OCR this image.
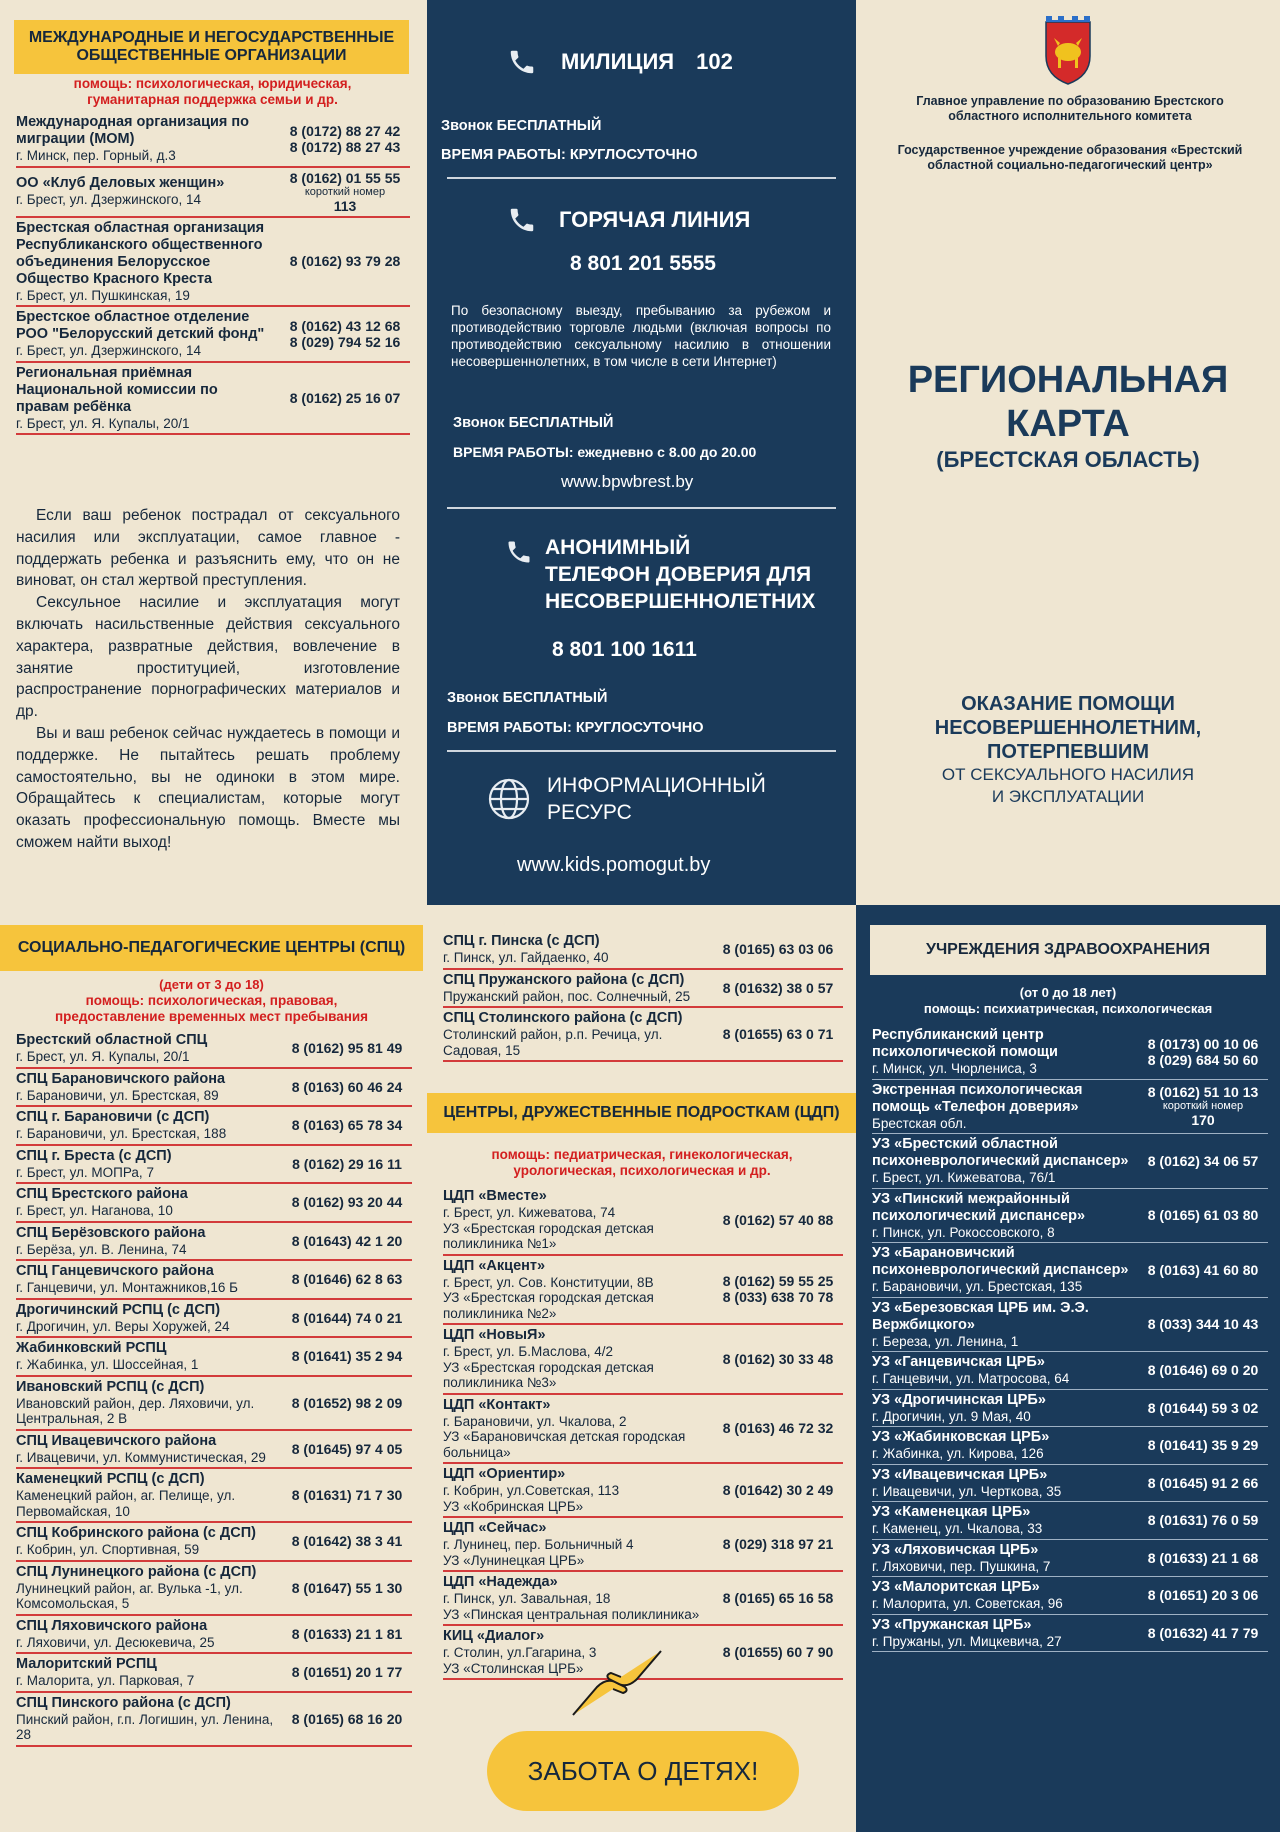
МЕЖДУНАРОДНЫЕ И НЕГОСУДАРСТВЕННЫЕ ОБЩЕСТВЕННЫЕ ОРГАНИЗАЦИИ
помощь: психологическая, юридическая, гуманитарная поддержка семьи и др.
Международная организация по миграции (МОМ)
г. Минск, пер. Горный, д.3
8 (0172) 88 27 42
8 (0172) 88 27 43
ОО «Клуб Деловых женщин»
г. Брест, ул. Дзержинского, 14
8 (0162) 01 55 55
короткий номер
113
Брестская областная организация Республиканского общественного объединения Белорусское Общество Красного Креста
г. Брест, ул. Пушкинская, 19
8 (0162) 93 79 28
Брестское областное отделение РОО "Белорусский детский фонд"
г. Брест, ул. Дзержинского, 14
8 (0162) 43 12 68
8 (029) 794 52 16
Региональная приёмная Национальной комиссии по правам ребёнка
г. Брест, ул. Я. Купалы, 20/1
8 (0162) 25 16 07

Если ваш ребенок пострадал от сексуального насилия или эксплуатации, самое главное - поддержать ребенка и разъяснить ему, что он не виноват, он стал жертвой преступления.

Сексульное насилие и эксплуатация могут включать насильственные действия сексуального характера, развратные действия, вовлечение в занятие проституцией, изготовление распространение порнографических материалов и др.

Вы и ваш ребенок сейчас нуждаетесь в помощи и поддержке. Не пытайтесь решать проблему самостоятельно, вы не одиноки в этом мире. Обращайтесь к специалистам, которые могут оказать профессиональную помощь. Вместе мы сможем найти выход!

МИЛИЦИЯ 102
Звонок БЕСПЛАТНЫЙ
ВРЕМЯ РАБОТЫ: КРУГЛОСУТОЧНО
ГОРЯЧАЯ ЛИНИЯ
8 801 201 5555
По безопасному выезду, пребыванию за рубежом и противодействию торговле людьми (включая вопросы по противодействию сексуальному насилию в отношении несовершеннолетних, в том числе в сети Интернет)
Звонок БЕСПЛАТНЫЙ
ВРЕМЯ РАБОТЫ: ежедневно с 8.00 до 20.00
www.bpwbrest.by
АНОНИМНЫЙ
ТЕЛЕФОН ДОВЕРИЯ ДЛЯ
НЕСОВЕРШЕННОЛЕТНИХ
8 801 100 1611
Звонок БЕСПЛАТНЫЙ
ВРЕМЯ РАБОТЫ: КРУГЛОСУТОЧНО
ИНФОРМАЦИОННЫЙ
РЕСУРС
www.kids.pomogut.by
Главное управление по образованию Брестского областного исполнительного комитета
Государственное учреждение образования «Брестский областной социально-педагогический центр»
РЕГИОНАЛЬНАЯ
КАРТА
(БРЕСТСКАЯ ОБЛАСТЬ)
ОКАЗАНИЕ ПОМОЩИ
НЕСОВЕРШЕННОЛЕТНИМ,
ПОТЕРПЕВШИМ
ОТ СЕКСУАЛЬНОГО НАСИЛИЯ
И ЭКСПЛУАТАЦИИ
СОЦИАЛЬНО-ПЕДАГОГИЧЕСКИЕ ЦЕНТРЫ (СПЦ)
(дети от 3 до 18)
помощь: психологическая, правовая, предоставление временных мест пребывания
Брестский областной СПЦ
г. Брест, ул. Я. Купалы, 20/1
8 (0162) 95 81 49
СПЦ Барановичского района
г. Барановичи, ул. Брестская, 89
8 (0163) 60 46 24
СПЦ г. Барановичи (с ДСП)
г. Барановичи, ул. Брестская, 188
8 (0163) 65 78 34
СПЦ г. Бреста (с ДСП)
г. Брест, ул. МОПРа, 7
8 (0162) 29 16 11
СПЦ Брестского района
г. Брест, ул. Наганова, 10
8 (0162) 93 20 44
СПЦ Берёзовского района
г. Берёза, ул. В. Ленина, 74
8 (01643) 42 1 20
СПЦ Ганцевичского района
г. Ганцевичи, ул. Монтажников,16 Б
8 (01646) 62 8 63
Дрогичинский РСПЦ (с ДСП)
г. Дрогичин, ул. Веры Хоружей, 24
8 (01644) 74 0 21
Жабинковский РСПЦ
г. Жабинка, ул. Шоссейная, 1
8 (01641) 35 2 94
Ивановский РСПЦ (с ДСП)
Ивановский район, дер. Ляховичи, ул. Центральная, 2 В
8 (01652) 98 2 09
СПЦ Ивацевичского района
г. Ивацевичи, ул. Коммунистическая, 29
8 (01645) 97 4 05
Каменецкий РСПЦ (с ДСП)
Каменецкий район, аг. Пелище, ул. Первомайская, 10
8 (01631) 71 7 30
СПЦ Кобринского района (с ДСП)
г. Кобрин, ул. Спортивная, 59
8 (01642) 38 3 41
СПЦ Лунинецкого района (с ДСП)
Лунинецкий район, аг. Вулька -1, ул. Комсомольская, 5
8 (01647) 55 1 30
СПЦ Ляховичского района
г. Ляховичи, ул. Десюкевича, 25
8 (01633) 21 1 81
Малоритский РСПЦ
г. Малорита, ул. Парковая, 7
8 (01651) 20 1 77
СПЦ Пинского района (с ДСП)
Пинский район, г.п. Логишин, ул. Ленина, 28
8 (0165) 68 16 20
СПЦ г. Пинска (с ДСП)
г. Пинск, ул. Гайдаенко, 40
8 (0165) 63 03 06
СПЦ Пружанского района (с ДСП)
Пружанский район, пос. Солнечный, 25
8 (01632) 38 0 57
СПЦ Столинского района (с ДСП)
Столинский район, р.п. Речица, ул. Садовая, 15
8 (01655) 63 0 71
ЦЕНТРЫ, ДРУЖЕСТВЕННЫЕ ПОДРОСТКАМ (ЦДП)
помощь: педиатрическая, гинекологическая, урологическая, психологическая и др.
ЦДП «Вместе»
г. Брест, ул. Кижеватова, 74
УЗ «Брестская городская детская поликлиника №1»
8 (0162) 57 40 88
ЦДП «Акцент»
г. Брест, ул. Сов. Конституции, 8В
УЗ «Брестская городская детская поликлиника №2»
8 (0162) 59 55 25
8 (033) 638 70 78
ЦДП «НовыЯ»
г. Брест, ул. Б.Маслова, 4/2
УЗ «Брестская городская детская поликлиника №3»
8 (0162) 30 33 48
ЦДП «Контакт»
г. Барановичи, ул. Чкалова, 2
УЗ «Барановичская детская городская больница»
8 (0163) 46 72 32
ЦДП «Ориентир»
г. Кобрин, ул.Советская, 113
УЗ «Кобринская ЦРБ»
8 (01642) 30 2 49
ЦДП «Сейчас»
г. Лунинец, пер. Больничный 4
УЗ «Лунинецкая ЦРБ»
8 (029) 318 97 21
ЦДП «Надежда»
г. Пинск, ул. Завальная, 18
УЗ «Пинская центральная поликлиника»
8 (0165) 65 16 58
КИЦ «Диалог»
г. Столин, ул.Гагарина, 3
УЗ «Столинская ЦРБ»
8 (01655) 60 7 90
ЗАБОТА О ДЕТЯХ!
УЧРЕЖДЕНИЯ ЗДРАВООХРАНЕНИЯ
(от 0 до 18 лет)
помощь: психиатрическая, психологическая
Республиканский центр психологической помощи
г. Минск, ул. Чюрлениса, 3
8 (0173) 00 10 06
8 (029) 684 50 60
Экстренная психологическая помощь «Телефон доверия»
Брестская обл.
8 (0162) 51 10 13
короткий номер
170
УЗ «Брестский областной психоневрологический диспансер»
г. Брест, ул. Кижеватова, 76/1
8 (0162) 34 06 57
УЗ «Пинский межрайонный психологический диспансер»
г. Пинск, ул. Рокоссовского, 8
8 (0165) 61 03 80
УЗ «Барановичский психоневрологический диспансер»
г. Барановичи, ул. Брестская, 135
8 (0163) 41 60 80
УЗ «Березовская ЦРБ им. Э.Э. Вержбицкого»
г. Береза, ул. Ленина, 1
8 (033) 344 10 43
УЗ «Ганцевичская ЦРБ»
г. Ганцевичи, ул. Матросова, 64
8 (01646) 69 0 20
УЗ «Дрогичинская ЦРБ»
г. Дрогичин, ул. 9 Мая, 40
8 (01644) 59 3 02
УЗ «Жабинковская ЦРБ»
г. Жабинка, ул. Кирова, 126
8 (01641) 35 9 29
УЗ «Ивацевичская ЦРБ»
г. Ивацевичи, ул. Черткова, 35
8 (01645) 91 2 66
УЗ «Каменецкая ЦРБ»
г. Каменец, ул. Чкалова, 33
8 (01631) 76 0 59
УЗ «Ляховичская ЦРБ»
г. Ляховичи, пер. Пушкина, 7
8 (01633) 21 1 68
УЗ «Малоритская ЦРБ»
г. Малорита, ул. Советская, 96
8 (01651) 20 3 06
УЗ «Пружанская ЦРБ»
г. Пружаны, ул. Мицкевича, 27
8 (01632) 41 7 79
